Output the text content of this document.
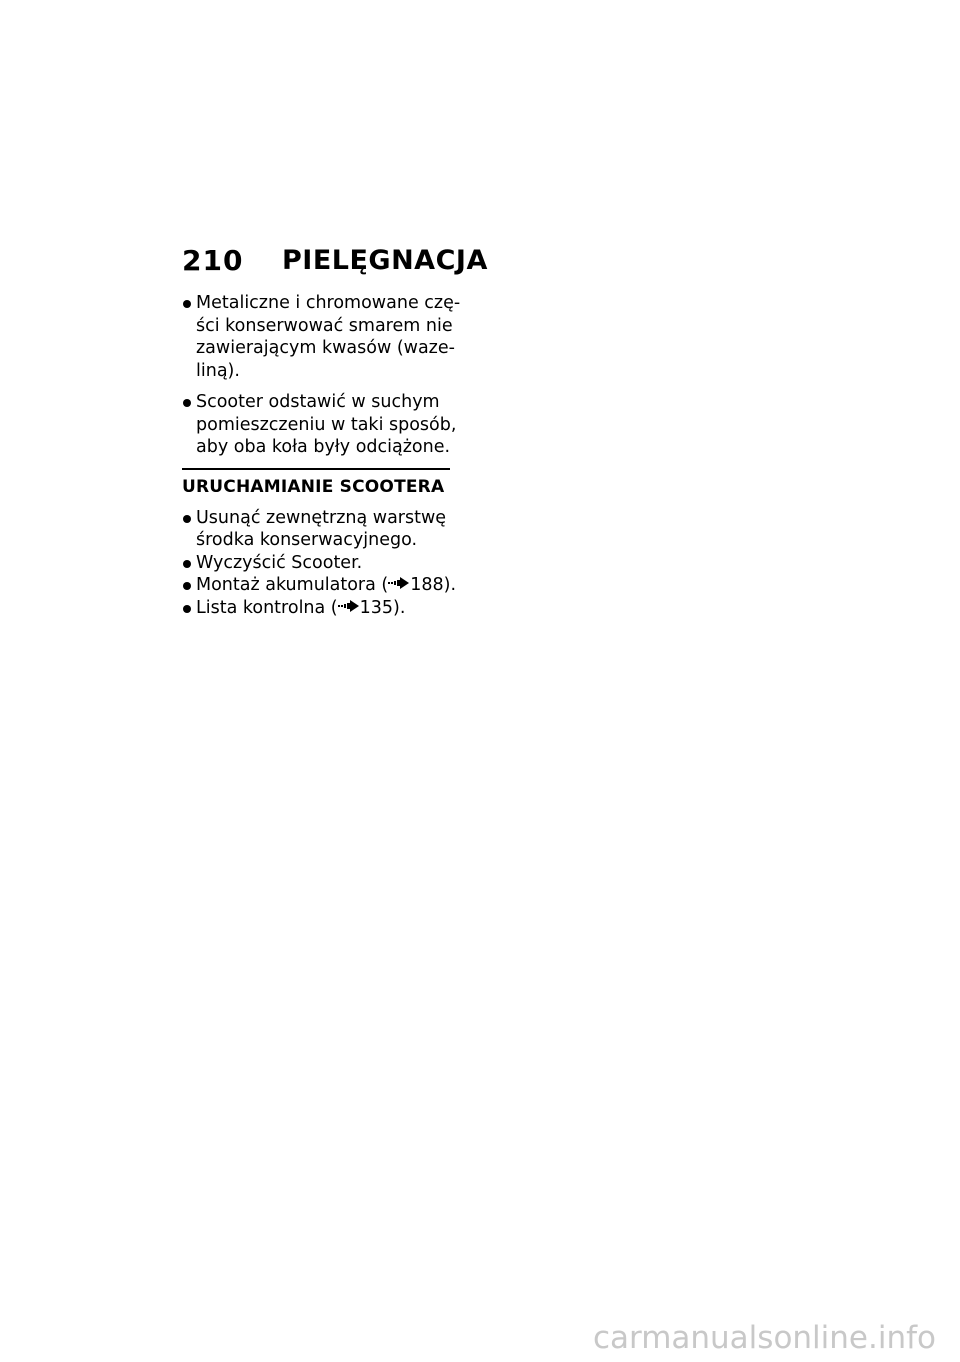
210 PIELĘGNACJA
Metaliczne i chromowane czę-
ści konserwować smarem nie
zawierającym kwasów (waze-
liną).
Scooter odstawić w suchym
pomieszczeniu w taki sposób,
aby oba koła były odciążone.
URUCHAMIANIE SCOOTERA
Usunąć zewnętrzną warstwę
środka konserwacyjnego.
Wyczyścić Scooter.
Montaż akumulatora ( 188).
Lista kontrolna ( 135).
carmanualsonline.info
